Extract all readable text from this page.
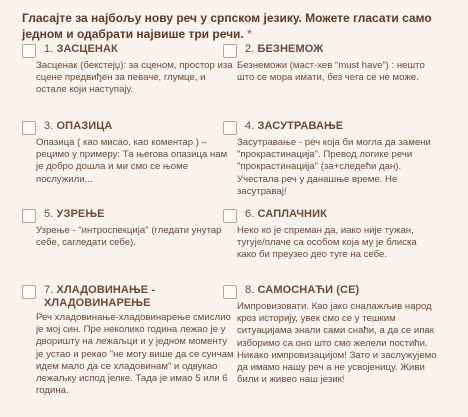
Гласајте за најбољу нову реч у српском језику. Можете гласати само једном и одабрати највише три речи. *
1. ЗАСЦЕНАК
Засценак (бекстејџ): за сценом, простор иза сцене предвиђен за певаче, глумце, и остале који наступају.
2. БЕЗНЕМОЖ
Безнеможи (маст-хев “must have”) : нешто што се мора имати, без чега се не може.
3. ОПАЗИЦА
Опазица ( као мисао, као коментар ) – рецимо у примеру: Та његова опазица нам је добро дошла и ми смо се њоме послужили...
4. ЗАСУТРАВАЊЕ
Засутравање - реч која би могла да замени "прокрастинација". Превод логике речи "прокрастинација" (за+следећи дан). Учестала реч у данашње време. Не засутравај!
5. УЗРЕЊЕ
Узрење - "интроспекција" (гледати унутар себе, сагледати себе).
6. САПЛАЧНИК
Неко ко је спреман да, иако није тужан, тугује/плаче са особом која му је блиска како би преузео део туге на себе.
7. ХЛАДОВИНАЊЕ - ХЛАДОВИНАРЕЊЕ
Реч хладовинање-хладовинарење смислио је мој син. Пре неколико година лежао је у дворишту на лежаљци и у једном моменту је устао и рекао "не могу више да се сунчам идем мало да се хладовинам" и одвукао лежаљку испод јелке. Тада је имао 5 или 6 година.
8. САМОСНАЋИ (СЕ)
Импровизовати. Као јако сналажљив народ кроз историју, увек смо се у тешким ситуацијама знали сами снаћи, а да се ипак изборимо са оно што смо желели постићи. Никако импровизацијом! Зато и заслужујемо да имамо нашу реч а не усвојеницу. Живи били и живео наш језик!
